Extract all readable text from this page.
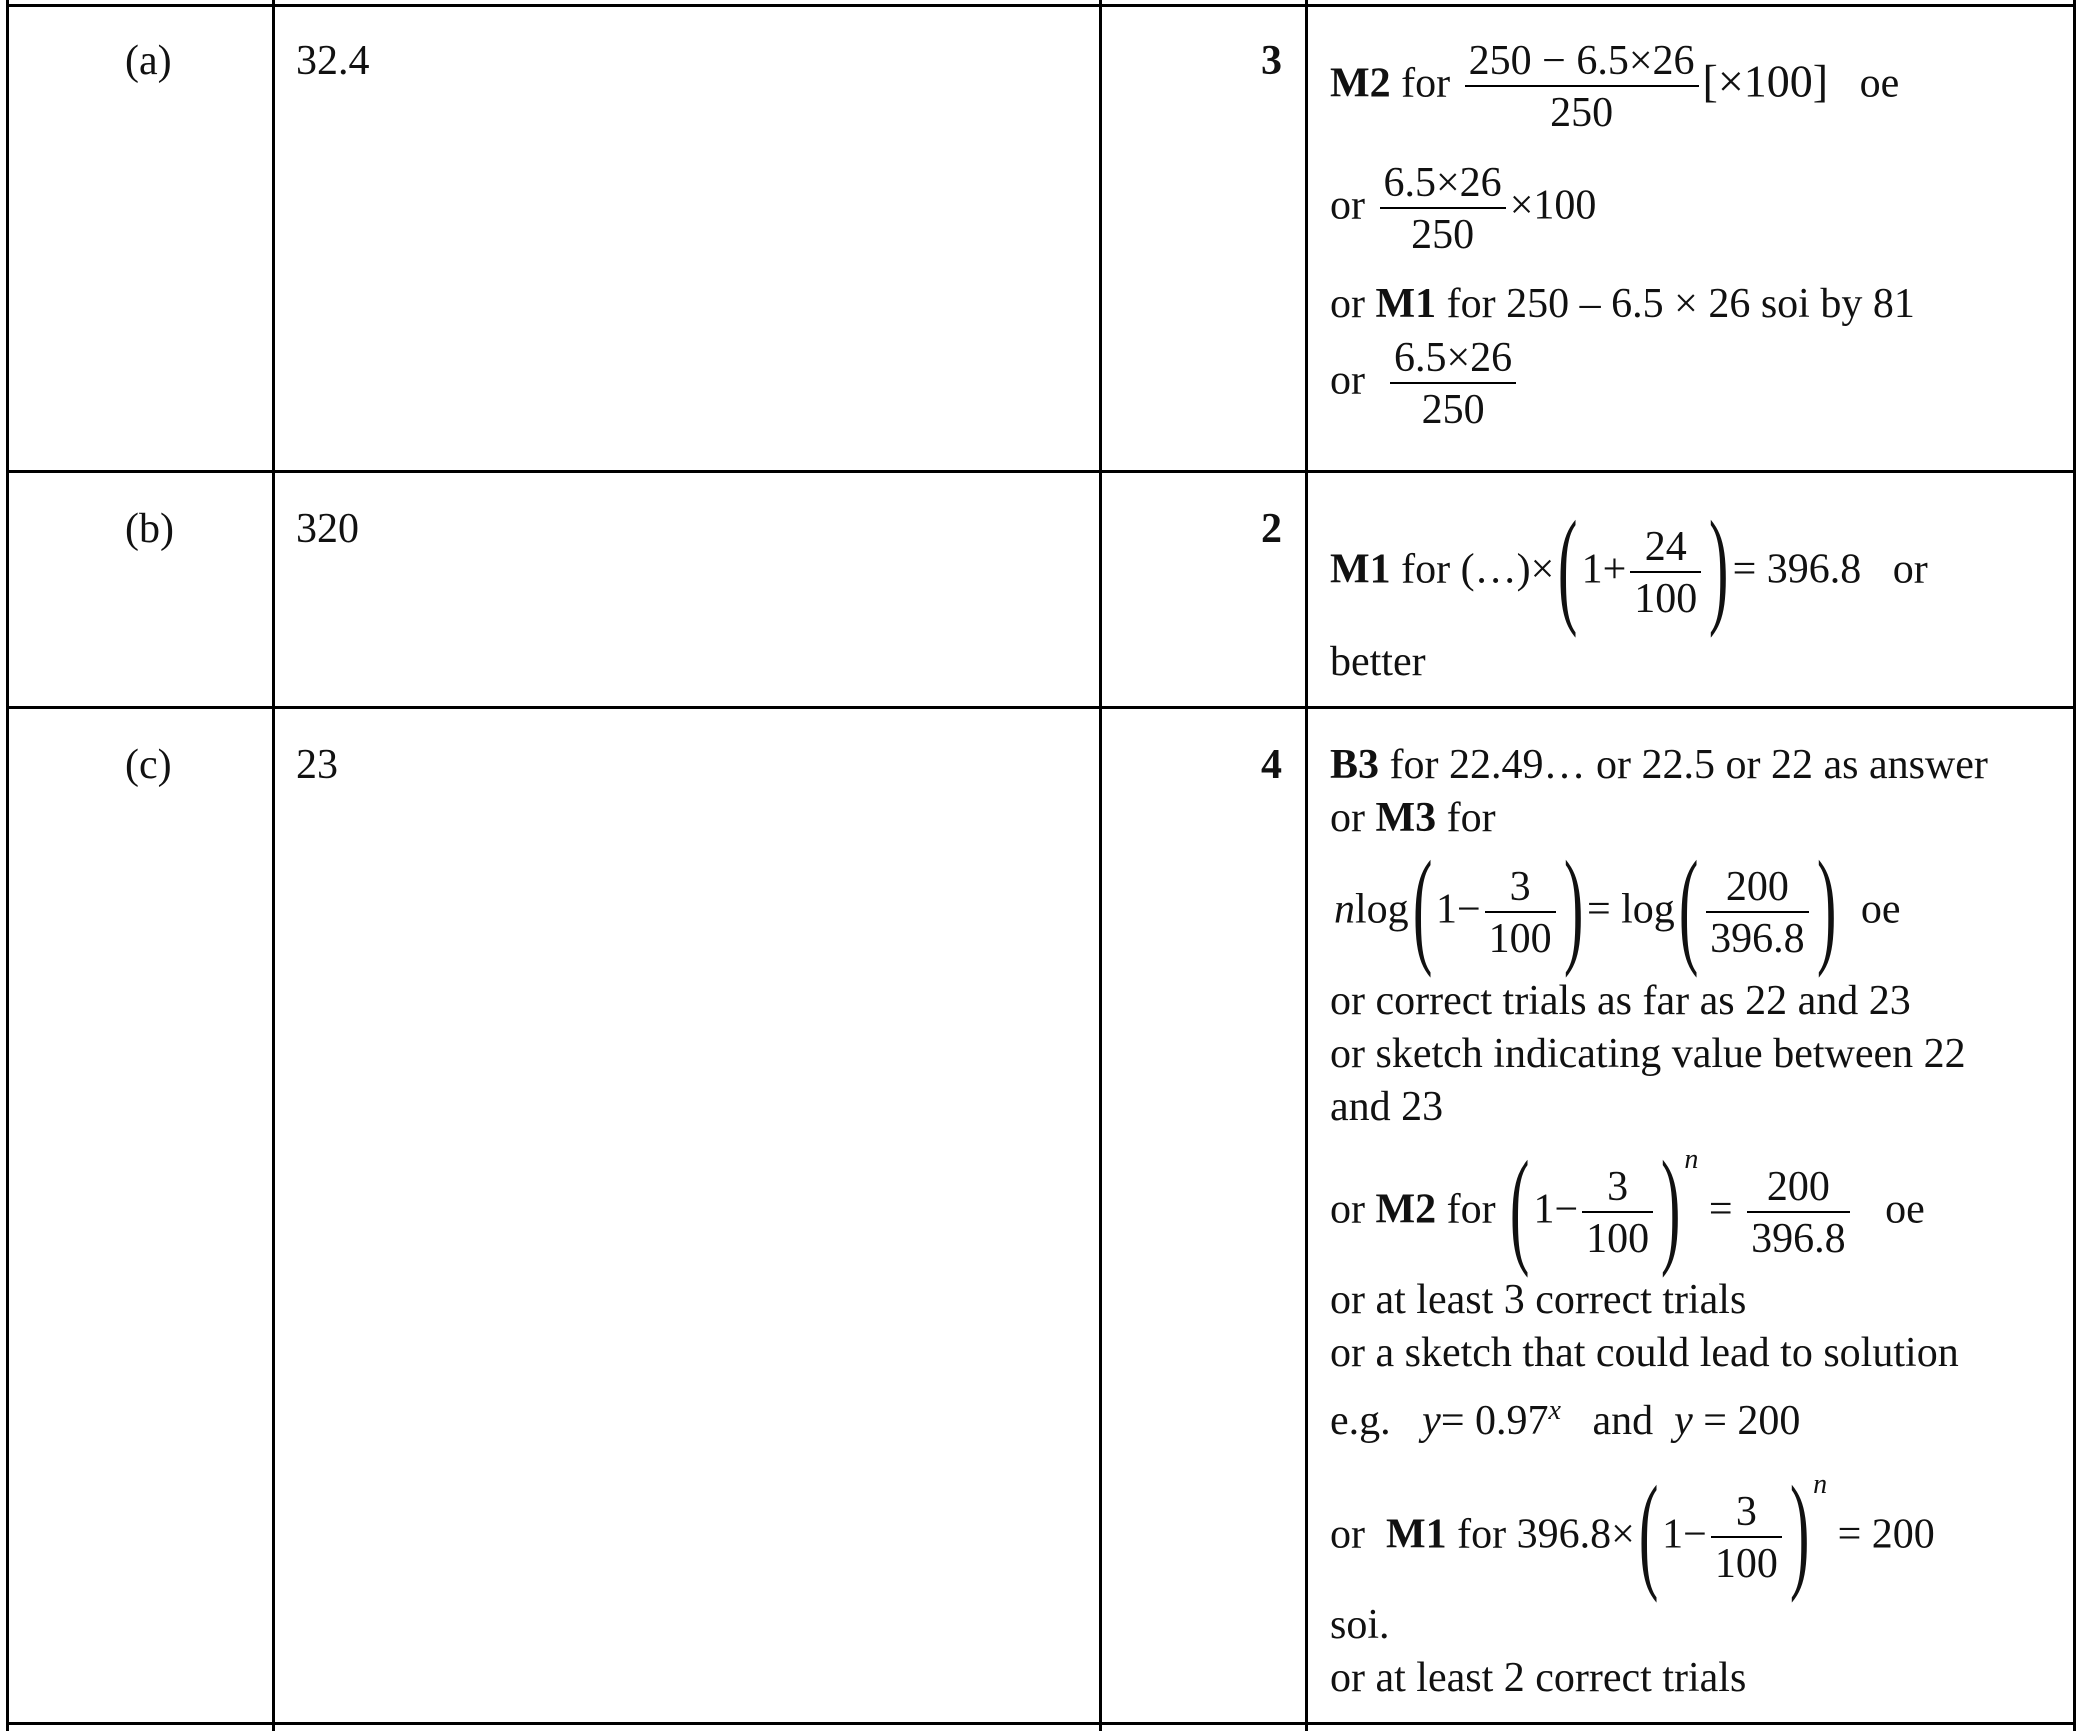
(a)	32.4	3 M2 for $\frac{250 - 6.5\times 26}{250} [\times 100]$ oe
or $\frac{6.5\times 26}{250} \times 100$
or M1 for 250 – 6.5 × 26 soi by 81
or $\frac{6.5\times 26}{250}$
(b)	320	2
M1 for (…)×(1+ $\frac{24}{100}$ )= 396.8 or
better
(c)	23	4 B3 for 22.49… or 22.5 or 22 as answer
or M3 for
$nlog(1- \frac{3}{100}$ )= $\log( \frac{200}{396.8}$ ) oe
or correct trials as far as 22 and 23
or sketch indicating value between 22
and 23
or M2 for ($1- \frac{3}{100}$ ) $^n = \frac{200}{396.8}$ oe
or at least 3 correct trials
or a sketch that could lead to solution
e.g. $y= 0.97^x$ and y = 200
or M1 for $396.8\times(1- \frac{3}{100}$ ) $^n$ = 200
soi.
or at least 2 correct trials
